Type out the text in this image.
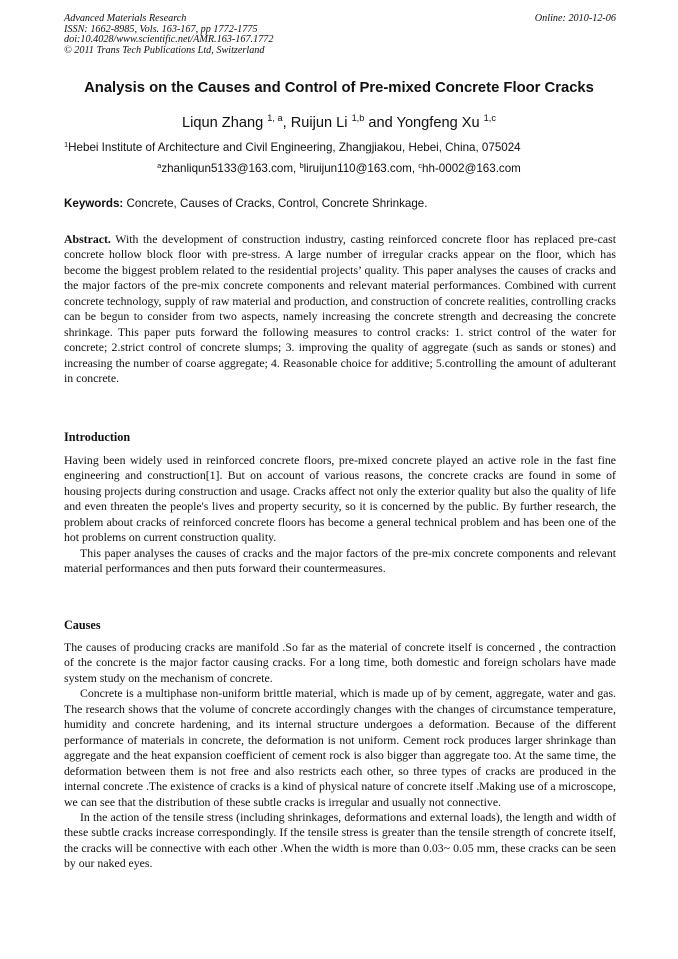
Advanced Materials Research
ISSN: 1662-8985, Vols. 163-167, pp 1772-1775
doi:10.4028/www.scientific.net/AMR.163-167.1772
© 2011 Trans Tech Publications Ltd, Switzerland
Online: 2010-12-06
Analysis on the Causes and Control of Pre-mixed Concrete Floor Cracks
Liqun Zhang $^{1, a}$, Ruijun Li $^{1,b}$ and Yongfeng Xu $^{1,c}$
$^1$Hebei Institute of Architecture and Civil Engineering, Zhangjiakou, Hebei, China, 075024
$^a$zhanliqun5133@163.com, $^b$liruijun110@163.com, $^c$hh-0002@163.com
Keywords: Concrete, Causes of Cracks, Control, Concrete Shrinkage.

Abstract. With the development of construction industry, casting reinforced concrete floor has replaced pre-cast concrete hollow block floor with pre-stress. A large number of irregular cracks appear on the floor, which has become the biggest problem related to the residential projects’ quality. This paper analyses the causes of cracks and the major factors of the pre-mix concrete components and relevant material performances. Combined with current concrete technology, supply of raw material and production, and construction of concrete realities, controlling cracks can be begun to consider from two aspects, namely increasing the concrete strength and decreasing the concrete shrinkage. This paper puts forward the following measures to control cracks: 1. strict control of the water for concrete; 2.strict control of concrete slumps; 3. improving the quality of aggregate (such as sands or stones) and increasing the number of coarse aggregate; 4. Reasonable choice for additive; 5.controlling the amount of adulterant in concrete.

Introduction

Having been widely used in reinforced concrete floors, pre-mixed concrete played an active role in the fast fine engineering and construction[1]. But on account of various reasons, the concrete cracks are found in some of housing projects during construction and usage. Cracks affect not only the exterior quality but also the quality of life and even threaten the people's lives and property security, so it is concerned by the public. By further research, the problem about cracks of reinforced concrete floors has become a general technical problem and has been one of the hot problems on current construction quality.

This paper analyses the causes of cracks and the major factors of the pre-mix concrete components and relevant material performances and then puts forward their countermeasures.

Causes

The causes of producing cracks are manifold .So far as the material of concrete itself is concerned , the contraction of the concrete is the major factor causing cracks. For a long time, both domestic and foreign scholars have made system study on the mechanism of concrete.

Concrete is a multiphase non-uniform brittle material, which is made up of by cement, aggregate, water and gas. The research shows that the volume of concrete accordingly changes with the changes of circumstance temperature, humidity and concrete hardening, and its internal structure undergoes a deformation. Because of the different performance of materials in concrete, the deformation is not uniform. Cement rock produces larger shrinkage than aggregate and the heat expansion coefficient of cement rock is also bigger than aggregate too. At the same time, the deformation between them is not free and also restricts each other, so three types of cracks are produced in the internal concrete .The existence of cracks is a kind of physical nature of concrete itself .Making use of a microscope, we can see that the distribution of these subtle cracks is irregular and usually not connective.

In the action of the tensile stress (including shrinkages, deformations and external loads), the length and width of these subtle cracks increase correspondingly. If the tensile stress is greater than the tensile strength of concrete itself, the cracks will be connective with each other .When the width is more than 0.03~ 0.05 mm, these cracks can be seen by our naked eyes.
